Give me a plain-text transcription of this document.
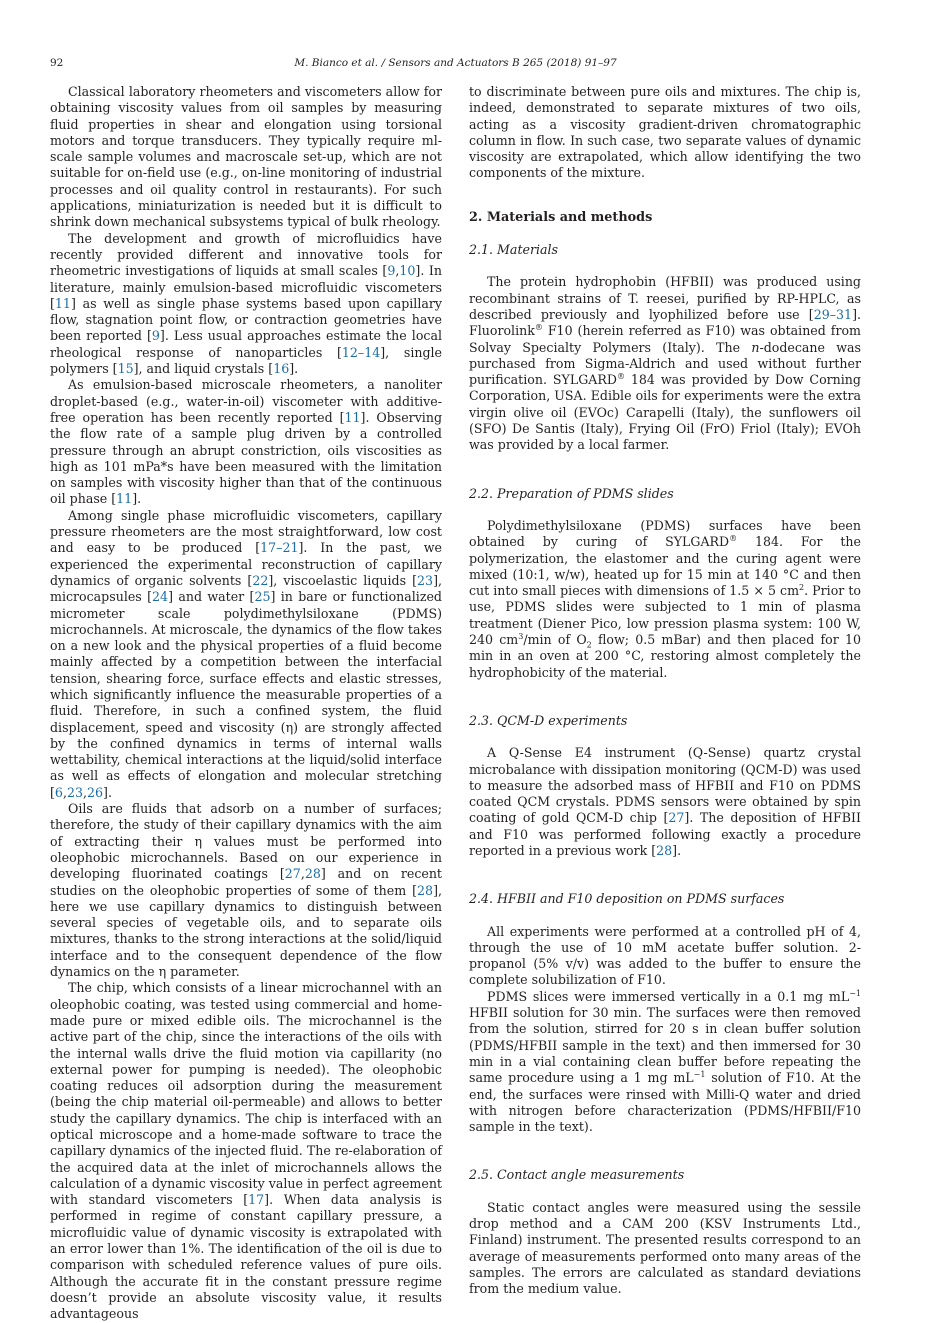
92	M. Bianco et al. / Sensors and Actuators B 265 (2018) 91–97

Classical laboratory rheometers and viscometers allow for obtaining viscosity values from oil samples by measuring fluid properties in shear and elongation using torsional motors and torque transducers. They typically require ml-scale sample volumes and macroscale set-up, which are not suitable for on-field use (e.g., on-line monitoring of industrial processes and oil quality control in restaurants). For such applications, miniaturization is needed but it is difficult to shrink down mechanical subsystems typical of bulk rheology.

The development and growth of microfluidics have recently provided different and innovative tools for rheometric investigations of liquids at small scales [9,10]. In literature, mainly emulsion-based microfluidic viscometers [11] as well as single phase systems based upon capillary flow, stagnation point flow, or contraction geometries have been reported [9]. Less usual approaches estimate the local rheological response of nanoparticles [12–14], single polymers [15], and liquid crystals [16].

As emulsion-based microscale rheometers, a nanoliter droplet-based (e.g., water-in-oil) viscometer with additive-free operation has been recently reported [11]. Observing the flow rate of a sample plug driven by a controlled pressure through an abrupt constriction, oils viscosities as high as 101 mPa*s have been measured with the limitation on samples with viscosity higher than that of the continuous oil phase [11].

Among single phase microfluidic viscometers, capillary pressure rheometers are the most straightforward, low cost and easy to be produced [17–21]. In the past, we experienced the experimental reconstruction of capillary dynamics of organic solvents [22], viscoelastic liquids [23], microcapsules [24] and water [25] in bare or functionalized micrometer scale polydimethylsiloxane (PDMS) microchannels. At microscale, the dynamics of the flow takes on a new look and the physical properties of a fluid become mainly affected by a competition between the interfacial tension, shearing force, surface effects and elastic stresses, which significantly influence the measurable properties of a fluid. Therefore, in such a confined system, the fluid displacement, speed and viscosity (η) are strongly affected by the confined dynamics in terms of internal walls wettability, chemical interactions at the liquid/solid interface as well as effects of elongation and molecular stretching [6,23,26].

Oils are fluids that adsorb on a number of surfaces; therefore, the study of their capillary dynamics with the aim of extracting their η values must be performed into oleophobic microchannels. Based on our experience in developing fluorinated coatings [27,28] and on recent studies on the oleophobic properties of some of them [28], here we use capillary dynamics to distinguish between several species of vegetable oils, and to separate oils mixtures, thanks to the strong interactions at the solid/liquid interface and to the consequent dependence of the flow dynamics on the η parameter.

The chip, which consists of a linear microchannel with an oleophobic coating, was tested using commercial and home-made pure or mixed edible oils. The microchannel is the active part of the chip, since the interactions of the oils with the internal walls drive the fluid motion via capillarity (no external power for pumping is needed). The oleophobic coating reduces oil adsorption during the measurement (being the chip material oil-permeable) and allows to better study the capillary dynamics. The chip is interfaced with an optical microscope and a home-made software to trace the capillary dynamics of the injected fluid. The re-elaboration of the acquired data at the inlet of microchannels allows the calculation of a dynamic viscosity value in perfect agreement with standard viscometers [17]. When data analysis is performed in regime of constant capillary pressure, a microfluidic value of dynamic viscosity is extrapolated with an error lower than 1%. The identification of the oil is due to comparison with scheduled reference values of pure oils. Although the accurate fit in the constant pressure regime doesn’t provide an absolute viscosity value, it results advantageous

to discriminate between pure oils and mixtures. The chip is, indeed, demonstrated to separate mixtures of two oils, acting as a viscosity gradient-driven chromatographic column in flow. In such case, two separate values of dynamic viscosity are extrapolated, which allow identifying the two components of the mixture.

2. Materials and methods
2.1. Materials

The protein hydrophobin (HFBII) was produced using recombinant strains of T. reesei, purified by RP-HPLC, as described previously and lyophilized before use [29–31]. Fluorolink® F10 (herein referred as F10) was obtained from Solvay Specialty Polymers (Italy). The n-dodecane was purchased from Sigma-Aldrich and used without further purification. SYLGARD® 184 was provided by Dow Corning Corporation, USA. Edible oils for experiments were the extra virgin olive oil (EVOc) Carapelli (Italy), the sunflowers oil (SFO) De Santis (Italy), Frying Oil (FrO) Friol (Italy); EVOh was provided by a local farmer.

2.2. Preparation of PDMS slides

Polydimethylsiloxane (PDMS) surfaces have been obtained by curing of SYLGARD® 184. For the polymerization, the elastomer and the curing agent were mixed (10:1, w/w), heated up for 15 min at 140 °C and then cut into small pieces with dimensions of 1.5 × 5 $cm^2$. Prior to use, PDMS slides were subjected to 1 min of plasma treatment (Diener Pico, low pression plasma system: 100 W, 240 $cm^3/\min$ of $O_2$ flow; 0.5 mBar) and then placed for 10 min in an oven at 200 °C, restoring almost completely the hydrophobicity of the material.

2.3. QCM-D experiments

A Q-Sense E4 instrument (Q-Sense) quartz crystal microbalance with dissipation monitoring (QCM-D) was used to measure the adsorbed mass of HFBII and F10 on PDMS coated QCM crystals. PDMS sensors were obtained by spin coating of gold QCM-D chip [27]. The deposition of HFBII and F10 was performed following exactly a procedure reported in a previous work [28].

2.4. HFBII and F10 deposition on PDMS surfaces

All experiments were performed at a controlled pH of 4, through the use of 10 mM acetate buffer solution. 2-propanol (5% v/v) was added to the buffer to ensure the complete solubilization of F10.

PDMS slices were immersed vertically in a 0.1 mg $mL^{-1}$ HFBII solution for 30 min. The surfaces were then removed from the solution, stirred for 20 s in clean buffer solution (PDMS/HFBII sample in the text) and then immersed for 30 min in a vial containing clean buffer before repeating the same procedure using a 1 mg $mL^{-1}$ solution of F10. At the end, the surfaces were rinsed with Milli-Q water and dried with nitrogen before characterization (PDMS/HFBII/F10 sample in the text).

2.5. Contact angle measurements

Static contact angles were measured using the sessile drop method and a CAM 200 (KSV Instruments Ltd., Finland) instrument. The presented results correspond to an average of measurements performed onto many areas of the samples. The errors are calculated as standard deviations from the medium value.
